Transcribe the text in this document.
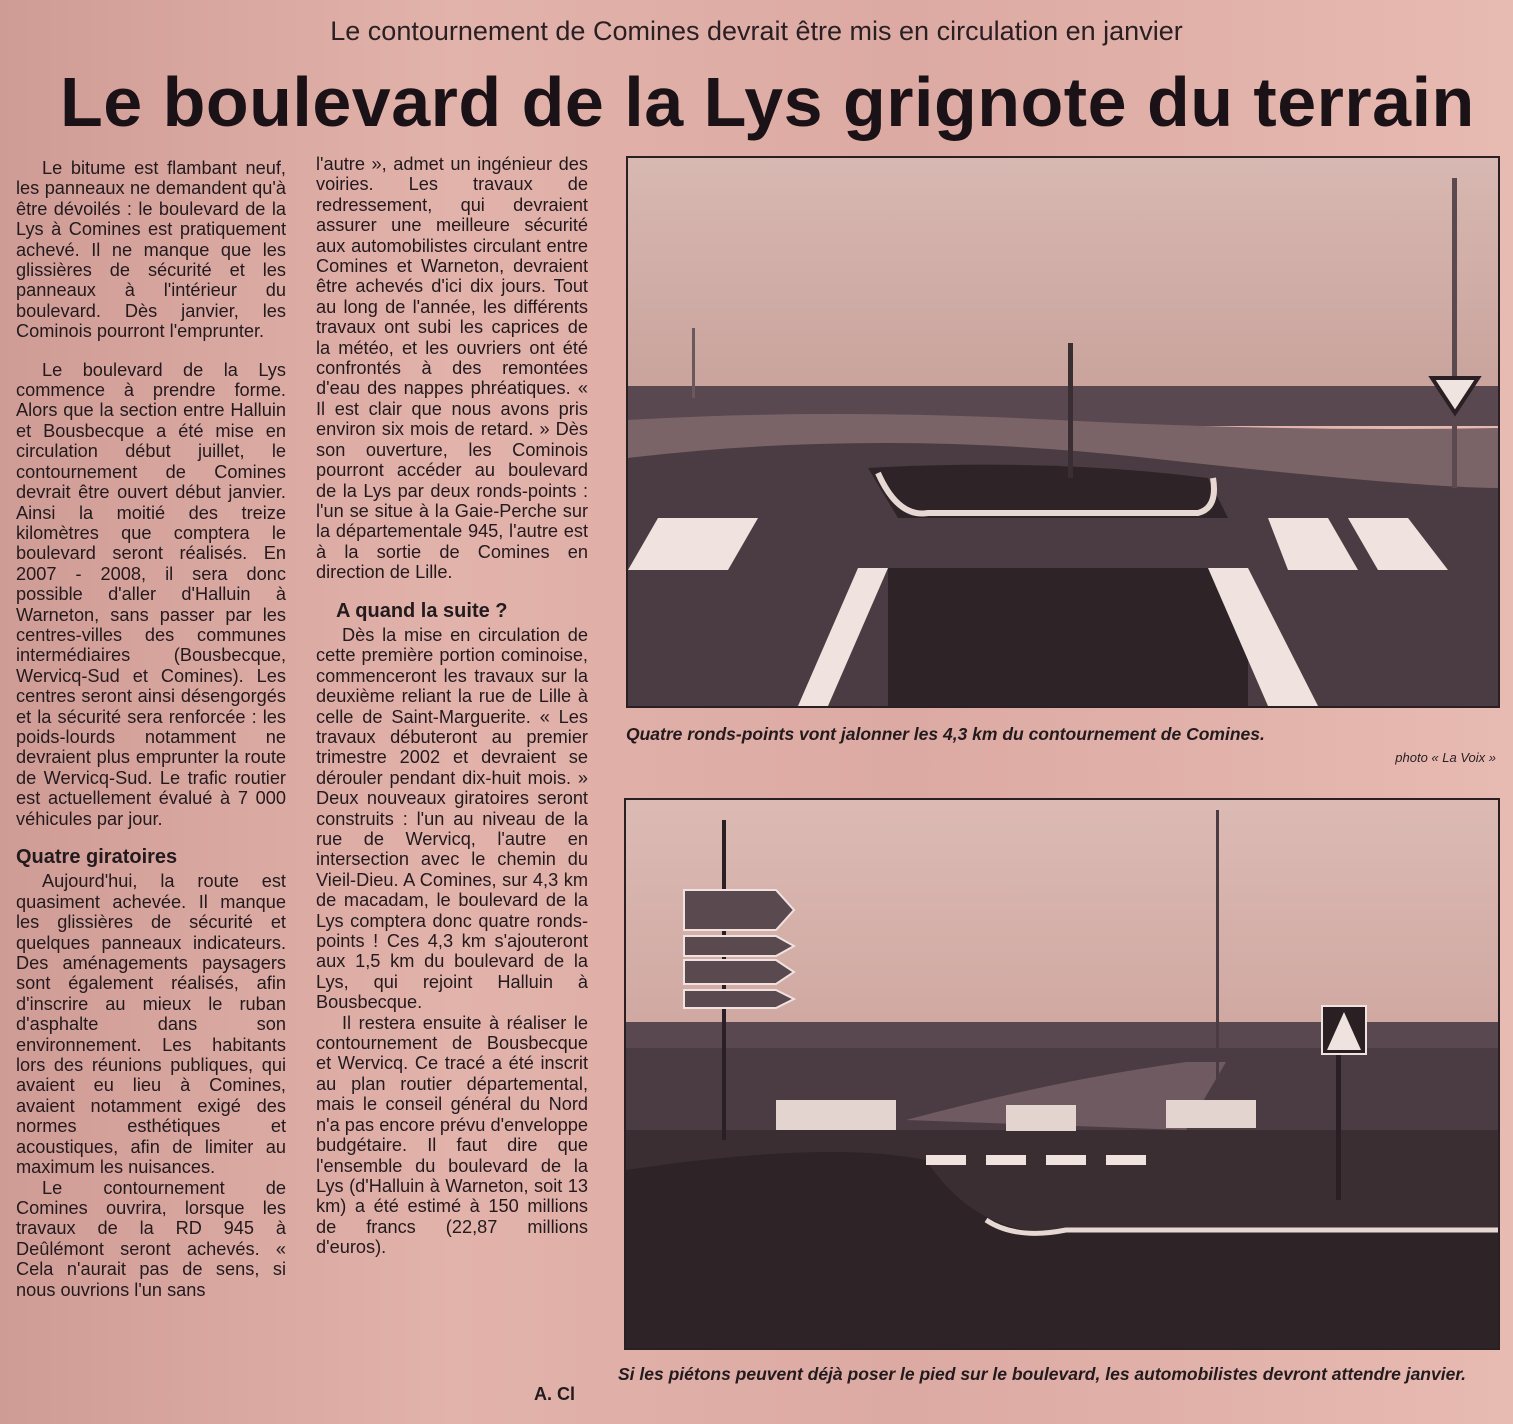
Le contournement de Comines devrait être mis en circulation en janvier
Le boulevard de la Lys grignote du terrain

Le bitume est flambant neuf, les panneaux ne demandent qu'à être dévoilés : le boulevard de la Lys à Comines est pratiquement achevé. Il ne manque que les glissières de sécurité et les panneaux à l'intérieur du boulevard. Dès janvier, les Cominois pourront l'emprunter.

Le boulevard de la Lys commence à prendre forme. Alors que la section entre Halluin et Bousbecque a été mise en circulation début juillet, le contournement de Comines devrait être ouvert début janvier. Ainsi la moitié des treize kilomètres que comptera le boulevard seront réalisés. En 2007 - 2008, il sera donc possible d'aller d'Halluin à Warneton, sans passer par les centres-villes des communes intermédiaires (Bousbecque, Wervicq-Sud et Comines). Les centres seront ainsi désengorgés et la sécurité sera renforcée : les poids-lourds notamment ne devraient plus emprunter la route de Wervicq-Sud. Le trafic routier est actuellement évalué à 7 000 véhicules par jour.

Quatre giratoires

Aujourd'hui, la route est quasiment achevée. Il manque les glissières de sécurité et quelques panneaux indicateurs. Des aménagements paysagers sont également réalisés, afin d'inscrire au mieux le ruban d'asphalte dans son environnement. Les habitants lors des réunions publiques, qui avaient eu lieu à Comines, avaient notamment exigé des normes esthétiques et acoustiques, afin de limiter au maximum les nuisances.

Le contournement de Comines ouvrira, lorsque les travaux de la RD 945 à Deûlémont seront achevés. « Cela n'aurait pas de sens, si nous ouvrions l'un sans

l'autre », admet un ingénieur des voiries. Les travaux de redressement, qui devraient assurer une meilleure sécurité aux automobilistes circulant entre Comines et Warneton, devraient être achevés d'ici dix jours. Tout au long de l'année, les différents travaux ont subi les caprices de la météo, et les ouvriers ont été confrontés à des remontées d'eau des nappes phréatiques. « Il est clair que nous avons pris environ six mois de retard. » Dès son ouverture, les Cominois pourront accéder au boulevard de la Lys par deux ronds-points : l'un se situe à la Gaie-Perche sur la départementale 945, l'autre est à la sortie de Comines en direction de Lille.

A quand la suite ?

Dès la mise en circulation de cette première portion cominoise, commenceront les travaux sur la deuxième reliant la rue de Lille à celle de Saint-Marguerite. « Les travaux débuteront au premier trimestre 2002 et devraient se dérouler pendant dix-huit mois. » Deux nouveaux giratoires seront construits : l'un au niveau de la rue de Wervicq, l'autre en intersection avec le chemin du Vieil-Dieu. A Comines, sur 4,3 km de macadam, le boulevard de la Lys comptera donc quatre ronds-points ! Ces 4,3 km s'ajouteront aux 1,5 km du boulevard de la Lys, qui rejoint Halluin à Bousbecque.

Il restera ensuite à réaliser le contournement de Bousbecque et Wervicq. Ce tracé a été inscrit au plan routier départemental, mais le conseil général du Nord n'a pas encore prévu d'enveloppe budgétaire. Il faut dire que l'ensemble du boulevard de la Lys (d'Halluin à Warneton, soit 13 km) a été estimé à 150 millions de francs (22,87 millions d'euros).

Quatre ronds-points vont jalonner les 4,3 km du contournement de Comines.
photo « La Voix »
Si les piétons peuvent déjà poser le pied sur le boulevard, les automobilistes devront attendre janvier.
A. Cl
